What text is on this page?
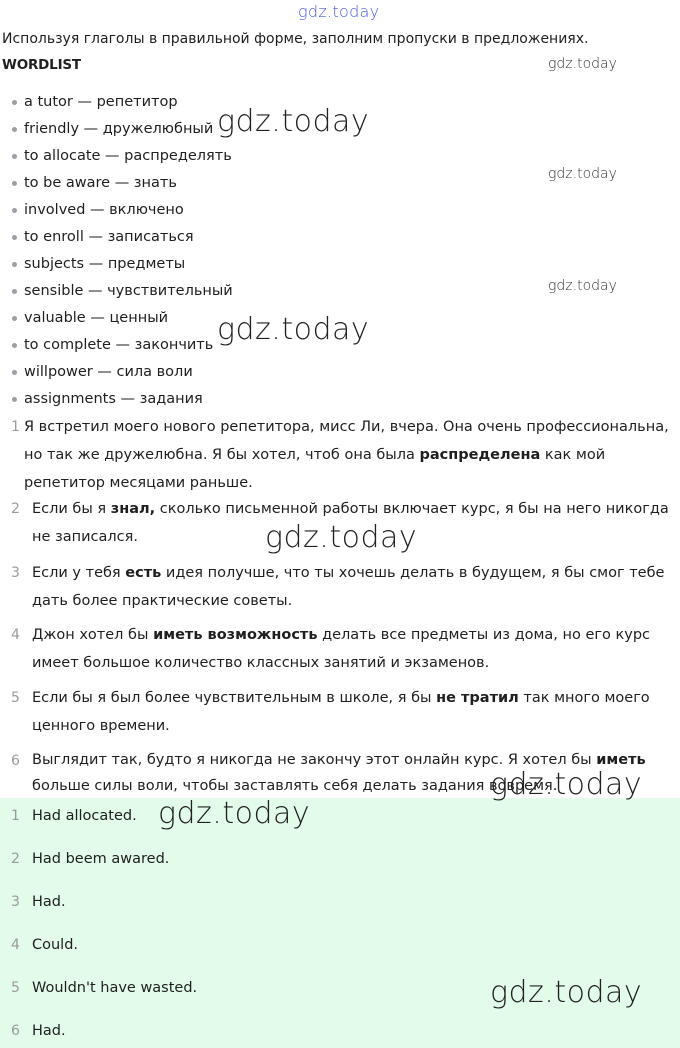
gdz.today
gdz.today
gdz.today
gdz.today
gdz.today
gdz.today
Используя глаголы в правильной форме, заполним пропуски в предложениях.
WORDLIST
a tutor — репетитор
friendly — дружелюбный
to allocate — распределять
to be aware — знать
involved — включено
to enroll — записаться
subjects — предметы
sensible — чувствительный
valuable — ценный
to complete — закончить
willpower — сила воли
assignments — задания
1 Я встретил моего нового репетитора, мисс Ли, вчера. Она очень профессиональна, но так же дружелюбна. Я бы хотел, чтоб она была распределена как мой репетитор месяцами раньше.
2 Если бы я знал, сколько письменной работы включает курс, я бы на него никогда не записался.
3 Если у тебя есть идея получше, что ты хочешь делать в будущем, я бы смог тебе дать более практические советы.
4 Джон хотел бы иметь возможность делать все предметы из дома, но его курс имеет большое количество классных занятий и экзаменов.
5 Если бы я был более чувствительным в школе, я бы не тратил так много моего ценного времени.
6 Выглядит так, будто я никогда не закончу этот онлайн курс. Я хотел бы иметь больше силы воли, чтобы заставлять себя делать задания вовремя.
gdz.today
1 Had allocated.
2 Had beem awared.
3 Had.
4 Could.
5 Wouldn't have wasted.
6 Had.
gdz.today
gdz.today
gdz.today
